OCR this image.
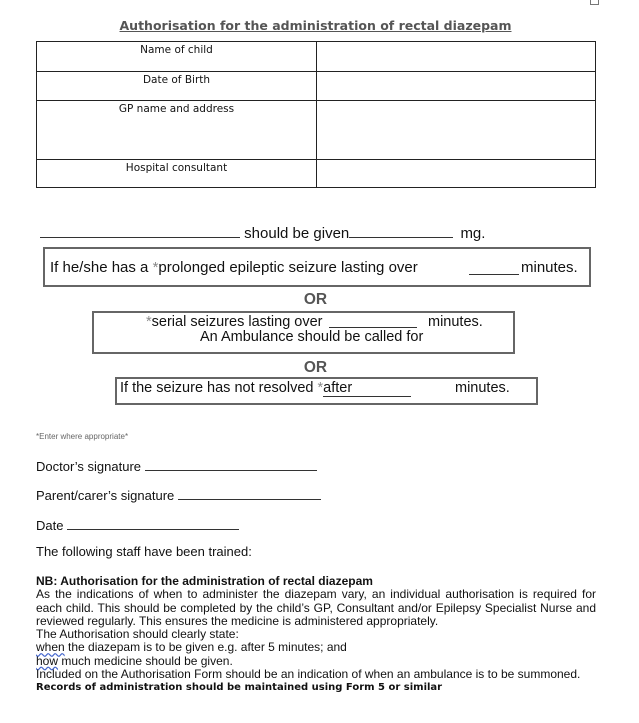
Authorisation for the administration of rectal diazepam
Name of child	
Date of Birth	
GP name and address	
Hospital consultant	
should be given	mg.
If he/she has a *prolonged epileptic seizure lasting over	minutes.
OR
*serial seizures lasting over	minutes.
An Ambulance should be called for
OR
If the seizure has not resolved *after	minutes.
*Enter where appropriate*
Doctor’s signature
Parent/carer’s signature
Date
The following staff have been trained:
NB: Authorisation for the administration of rectal diazepam
As the indications of when to administer the diazepam vary, an individual authorisation is required for each child. This should be completed by the child’s GP, Consultant and/or Epilepsy Specialist Nurse and reviewed regularly. This ensures the medicine is administered appropriately.
The Authorisation should clearly state:
when the diazepam is to be given e.g. after 5 minutes; and
how much medicine should be given.
Included on the Authorisation Form should be an indication of when an ambulance is to be summoned.
Records of administration should be maintained using Form 5 or similar
